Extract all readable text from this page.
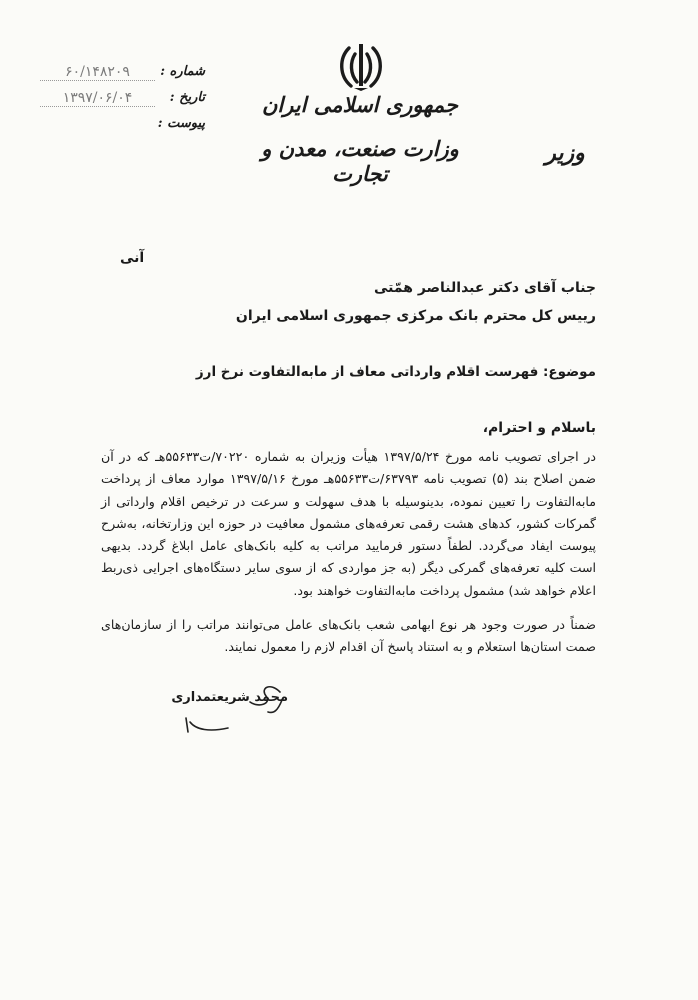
جمهوری اسلامی ایران
وزارت صنعت، معدن و تجارت
وزیر
شماره :
۶۰/۱۴۸۲۰۹
تاریخ :
۱۳۹۷/۰۶/۰۴
پیوست :
آنی
جناب آقای دکتر عبدالناصر همّتی
رییس کل محترم بانک مرکزی جمهوری اسلامی ایران
موضوع: فهرست اقلام وارداتی معاف از مابه‌التفاوت نرخ ارز
باسلام و احترام،
در اجرای تصویب نامه مورخ ۱۳۹۷/۵/۲۴ هیأت وزیران به شماره ۷۰۲۲۰/ت۵۵۶۳۳هـ که در آن ضمن اصلاح بند (۵) تصویب نامه ۶۳۷۹۳/ت۵۵۶۳۳هـ مورخ ۱۳۹۷/۵/۱۶ موارد معاف از پرداخت مابه‌التفاوت را تعیین نموده، بدینوسیله با هدف سهولت و سرعت در ترخیص اقلام وارداتی از گمرکات کشور، کدهای هشت رقمی تعرفه‌های مشمول معافیت در حوزه این وزارتخانه، به‌شرح پیوست ایفاد می‌گردد. لطفاً دستور فرمایید مراتب به کلیه بانک‌های عامل ابلاغ گردد. بدیهی است کلیه تعرفه‌های گمرکی دیگر (به جز مواردی که از سوی سایر دستگاه‌های اجرایی ذی‌ربط اعلام خواهد شد) مشمول پرداخت مابه‌التفاوت خواهند بود.
ضمناً در صورت وجود هر نوع ابهامی شعب بانک‌های عامل می‌توانند مراتب را از سازمان‌های صمت استان‌ها استعلام و به استناد پاسخ آن اقدام لازم را معمول نمایند.
محمد شریعتمداری
